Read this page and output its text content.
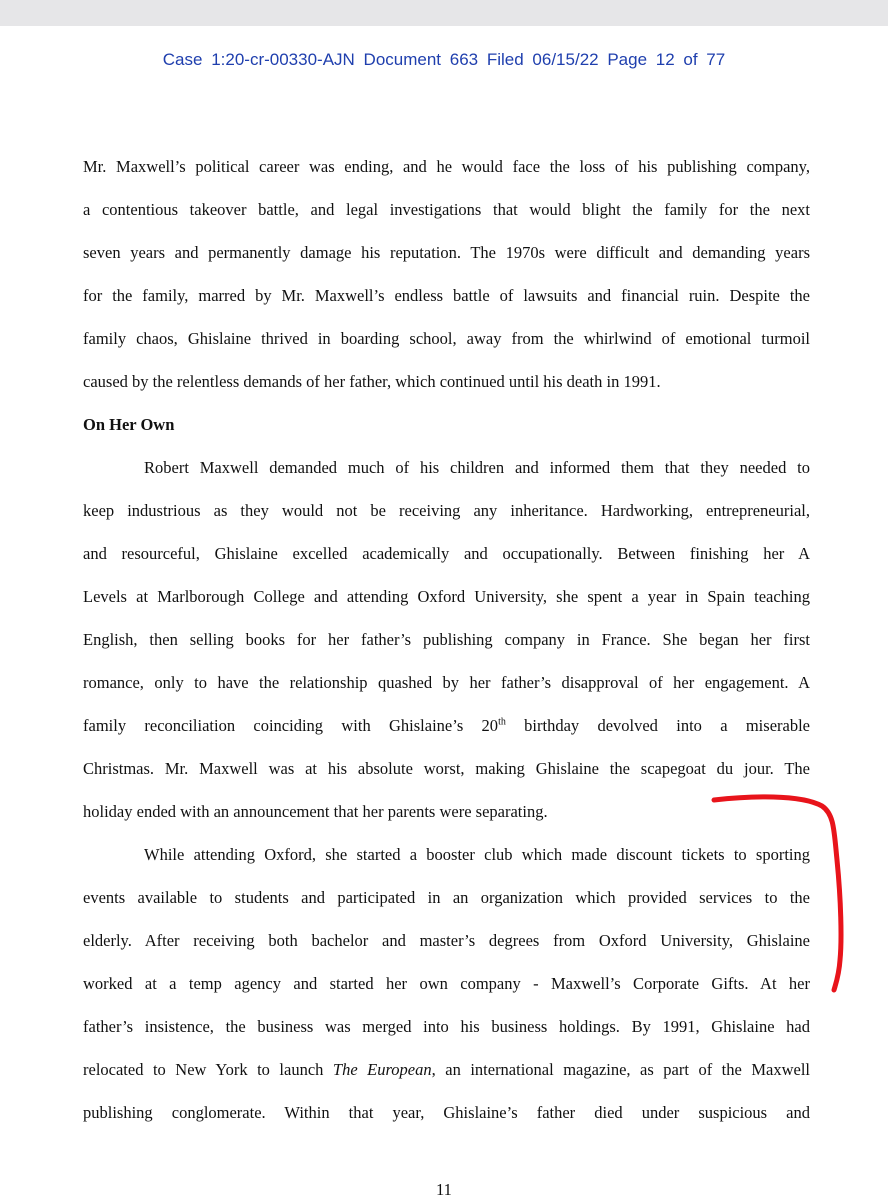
Case 1:20-cr-00330-AJN Document 663 Filed 06/15/22 Page 12 of 77
Mr. Maxwell’s political career was ending, and he would face the loss of his publishing company,
a contentious takeover battle, and legal investigations that would blight the family for the next
seven years and permanently damage his reputation. The 1970s were difficult and demanding years
for the family, marred by Mr. Maxwell’s endless battle of lawsuits and financial ruin. Despite the
family chaos, Ghislaine thrived in boarding school, away from the whirlwind of emotional turmoil
caused by the relentless demands of her father, which continued until his death in 1991.
On Her Own
Robert Maxwell demanded much of his children and informed them that they needed to
keep industrious as they would not be receiving any inheritance. Hardworking, entrepreneurial,
and resourceful, Ghislaine excelled academically and occupationally. Between finishing her A
Levels at Marlborough College and attending Oxford University, she spent a year in Spain teaching
English, then selling books for her father’s publishing company in France. She began her first
romance, only to have the relationship quashed by her father’s disapproval of her engagement. A
family reconciliation coinciding with Ghislaine’s 20th birthday devolved into a miserable
Christmas. Mr. Maxwell was at his absolute worst, making Ghislaine the scapegoat du jour. The
holiday ended with an announcement that her parents were separating.
While attending Oxford, she started a booster club which made discount tickets to sporting
events available to students and participated in an organization which provided services to the
elderly. After receiving both bachelor and master’s degrees from Oxford University, Ghislaine
worked at a temp agency and started her own company - Maxwell’s Corporate Gifts. At her
father’s insistence, the business was merged into his business holdings. By 1991, Ghislaine had
relocated to New York to launch The European, an international magazine, as part of the Maxwell
publishing conglomerate. Within that year, Ghislaine’s father died under suspicious and
11
